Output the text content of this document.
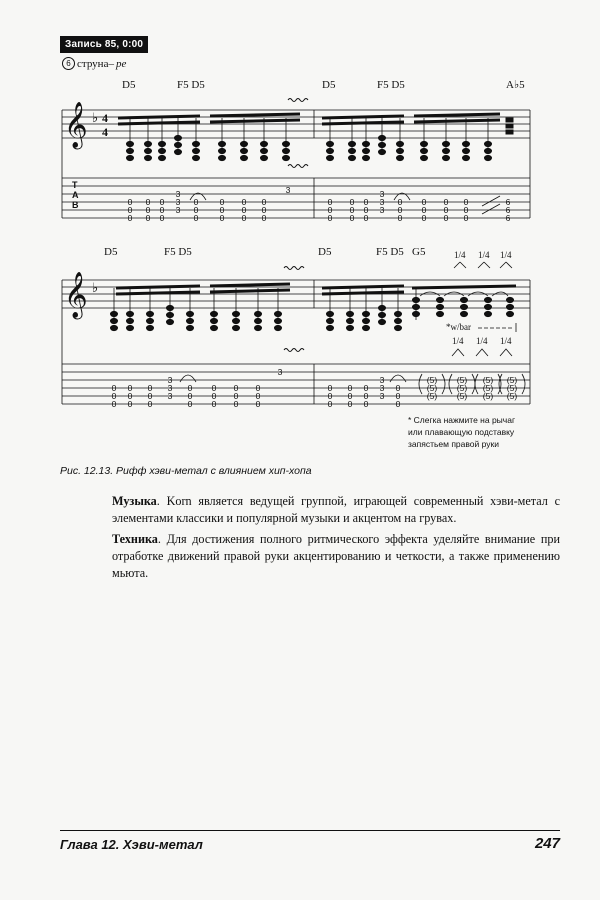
Запись 85, 0:00
6 струна– ре
𝄞
𝄞
♭
♭
4
4
T
A
B
D5	F5 D5	D5	F5 D5	A♭5
D5	F5 D5	D5	F5 D5 G5	1/4 1/4 1/4
0
0
0
0
0
0
0
0
0
0
0
0
0
0
0
0
0
0
0
0
0
0
0
0
0
0
0
0
0
0
0
0
0
0
0
0
0
0
0
0
0
0
3
3
3
3
3
3
3
6
6
6
*w/bar
1/4 1/4 1/4
0
0
0
0
0
0
0
0
0
0
0
0
0
0
0
0
0
0
0
0
0
0
0
0
0
0
0
0
0
0
0
0
0
3
3
3
3
3
3
3
(5)
(5)
(5)
(5)
(5)
(5)
(5)
(5)
(5)
(5)
(5)
(5)
* Слегка нажмите на рычаг или плавающую подставку запястьем правой руки
Рис. 12.13. Рифф хэви-метал с влиянием хип-хопа

Музыка. Korn является ведущей группой, играющей современный хэви-метал с элементами классики и популярной музыки и акцентом на грувах.

Техника. Для достижения полного ритмического эффекта уделяйте внимание при отработке движений правой руки акцентированию и четкости, а также применению мьюта.

Глава 12. Хэви-метал	247
